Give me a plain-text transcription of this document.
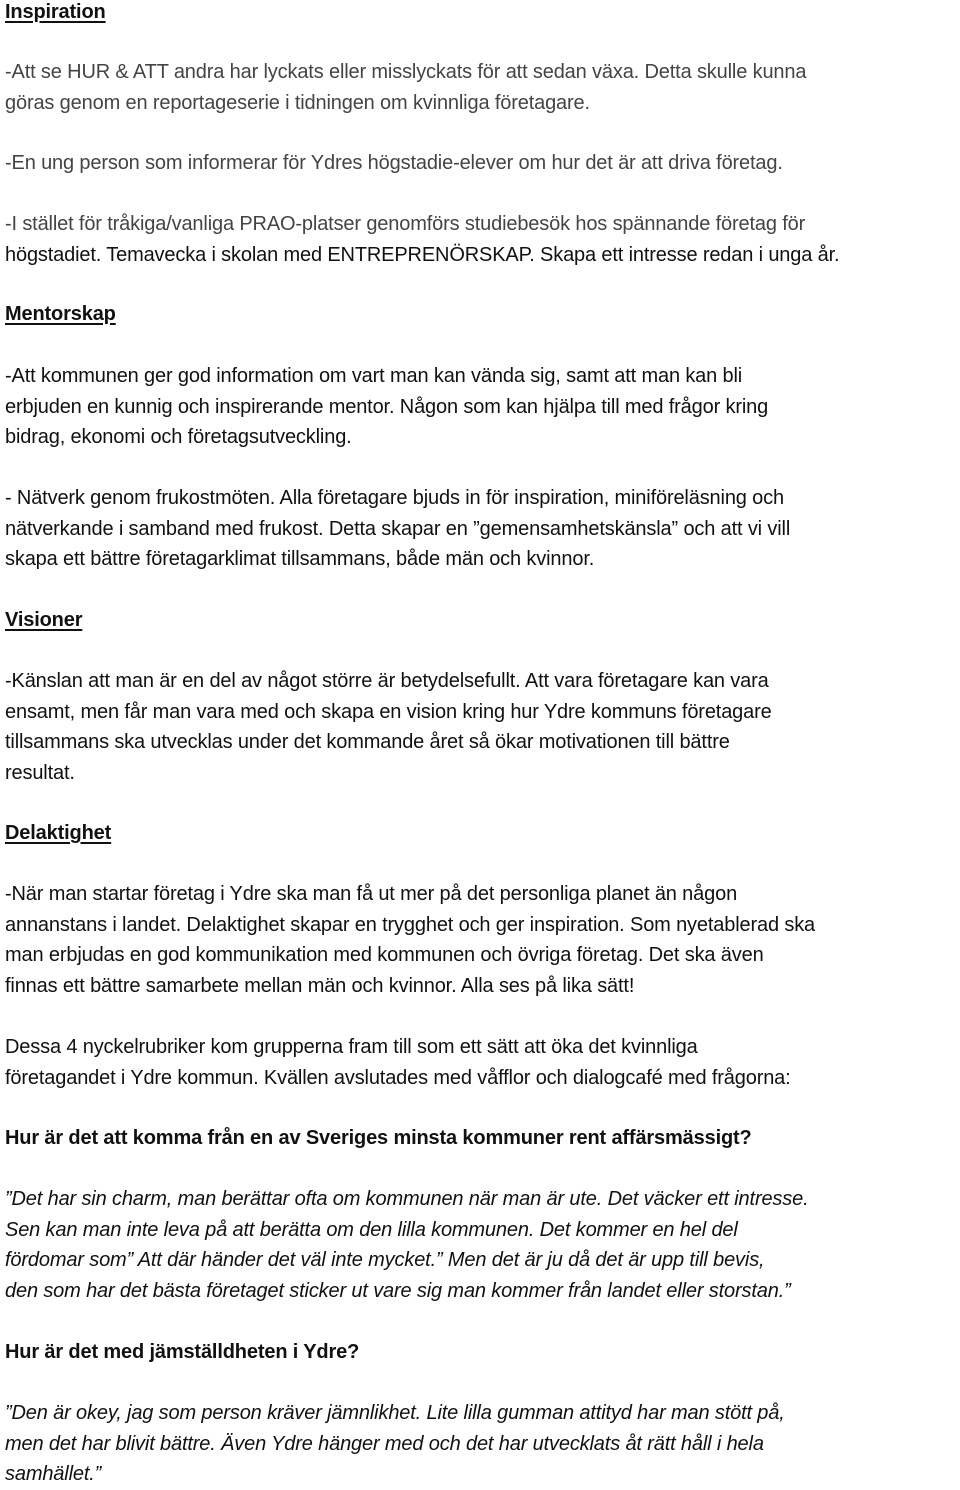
Inspiration
-Att se HUR & ATT andra har lyckats eller misslyckats för att sedan växa. Detta skulle kunna
göras genom en reportageserie i tidningen om kvinnliga företagare.
-En ung person som informerar för Ydres högstadie-elever om hur det är att driva företag.
-I stället för tråkiga/vanliga PRAO-platser genomförs studiebesök hos spännande företag för
högstadiet. Temavecka i skolan med ENTREPRENÖRSKAP. Skapa ett intresse redan i unga år.
Mentorskap
-Att kommunen ger god information om vart man kan vända sig, samt att man kan bli
erbjuden en kunnig och inspirerande mentor. Någon som kan hjälpa till med frågor kring
bidrag, ekonomi och företagsutveckling.
- Nätverk genom frukostmöten. Alla företagare bjuds in för inspiration, miniföreläsning och
nätverkande i samband med frukost. Detta skapar en ”gemensamhetskänsla” och att vi vill
skapa ett bättre företagarklimat tillsammans, både män och kvinnor.
Visioner
-Känslan att man är en del av något större är betydelsefullt. Att vara företagare kan vara
ensamt, men får man vara med och skapa en vision kring hur Ydre kommuns företagare
tillsammans ska utvecklas under det kommande året så ökar motivationen till bättre
resultat.
Delaktighet
-När man startar företag i Ydre ska man få ut mer på det personliga planet än någon
annanstans i landet. Delaktighet skapar en trygghet och ger inspiration. Som nyetablerad ska
man erbjudas en god kommunikation med kommunen och övriga företag. Det ska även
finnas ett bättre samarbete mellan män och kvinnor. Alla ses på lika sätt!
Dessa 4 nyckelrubriker kom grupperna fram till som ett sätt att öka det kvinnliga
företagandet i Ydre kommun. Kvällen avslutades med våfflor och dialogcafé med frågorna:
Hur är det att komma från en av Sveriges minsta kommuner rent affärsmässigt?
”Det har sin charm, man berättar ofta om kommunen när man är ute. Det väcker ett intresse.
Sen kan man inte leva på att berätta om den lilla kommunen. Det kommer en hel del
fördomar som” Att där händer det väl inte mycket.” Men det är ju då det är upp till bevis,
den som har det bästa företaget sticker ut vare sig man kommer från landet eller storstan.”
Hur är det med jämställdheten i Ydre?
”Den är okey, jag som person kräver jämnlikhet. Lite lilla gumman attityd har man stött på,
men det har blivit bättre. Även Ydre hänger med och det har utvecklats åt rätt håll i hela
samhället.”
